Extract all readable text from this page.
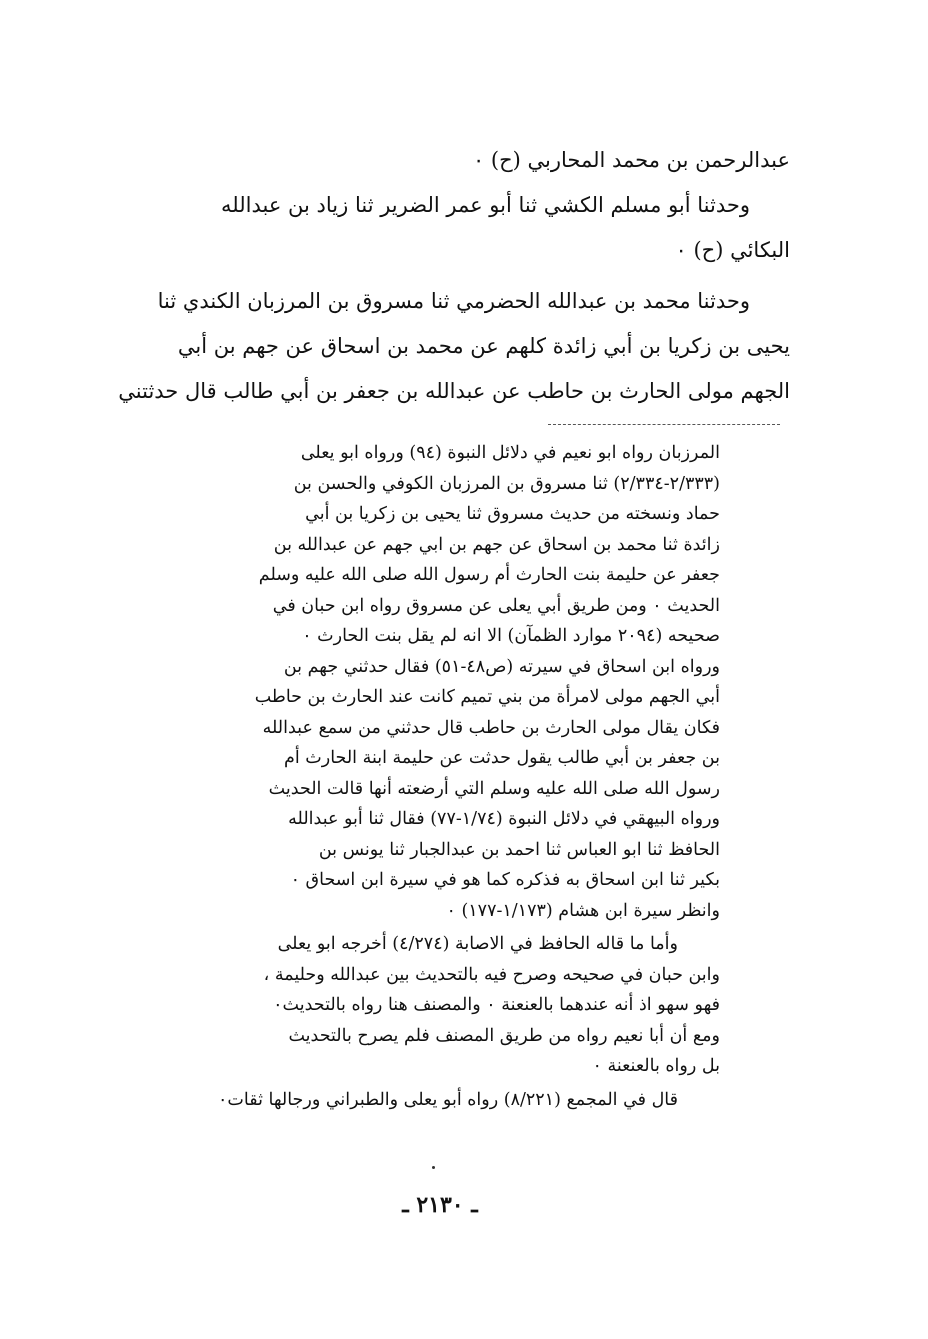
عبدالرحمن بن محمد المحاربي (ح) ٠
وحدثنا أبو مسلم الكشي ثنا أبو عمر الضرير ثنا زياد بن عبدالله
البكائي (ح) ٠
وحدثنا محمد بن عبدالله الحضرمي ثنا مسروق بن المرزبان الكندي ثنا
يحيى بن زكريا بن أبي زائدة كلهم عن محمد بن اسحاق عن جهم بن أبي
الجهم مولى الحارث بن حاطب عن عبدالله بن جعفر بن أبي طالب قال حدثتني
المرزبان رواه ابو نعيم في دلائل النبوة (٩٤) ورواه ابو يعلى
(٢/٣٣٣-٢/٣٣٤) ثنا مسروق بن المرزبان الكوفي والحسن بن
حماد ونسخته من حديث مسروق ثنا يحيى بن زكريا بن أبي
زائدة ثنا محمد بن اسحاق عن جهم بن ابي جهم عن عبدالله بن
جعفر عن حليمة بنت الحارث أم رسول الله صلى الله عليه وسلم
الحديث ٠ ومن طريق أبي يعلى عن مسروق رواه ابن حبان في
صحيحه (٢٠٩٤ موارد الظمآن) الا انه لم يقل بنت الحارث ٠
ورواه ابن اسحاق في سيرته (ص٤٨-٥١) فقال حدثني جهم بن
أبي الجهم مولى لامرأة من بني تميم كانت عند الحارث بن حاطب
فكان يقال مولى الحارث بن حاطب قال حدثني من سمع عبدالله
بن جعفر بن أبي طالب يقول حدثت عن حليمة ابنة الحارث أم
رسول الله صلى الله عليه وسلم التي أرضعته أنها قالت الحديث
ورواه البيهقي في دلائل النبوة (١/٧٤-٧٧) فقال ثنا أبو عبدالله
الحافظ ثنا ابو العباس ثنا احمد بن عبدالجبار ثنا يونس بن
بكير ثنا ابن اسحاق به فذكره كما هو في سيرة ابن اسحاق ٠
وانظر سيرة ابن هشام (١/١٧٣-١٧٧) ٠
وأما ما قاله الحافظ في الاصابة (٤/٢٧٤) أخرجه ابو يعلى
وابن حبان في صحيحه وصرح فيه بالتحديث بين عبدالله وحليمة ،
فهو سهو اذ أنه عندهما بالعنعنة ٠ والمصنف هنا رواه بالتحديث٠
ومع أن أبا نعيم رواه من طريق المصنف فلم يصرح بالتحديث
بل رواه بالعنعنة ٠
قال في المجمع (٨/٢٢١) رواه أبو يعلى والطبراني ورجالها ثقات٠
ـ ٢١٣٠ ـ
